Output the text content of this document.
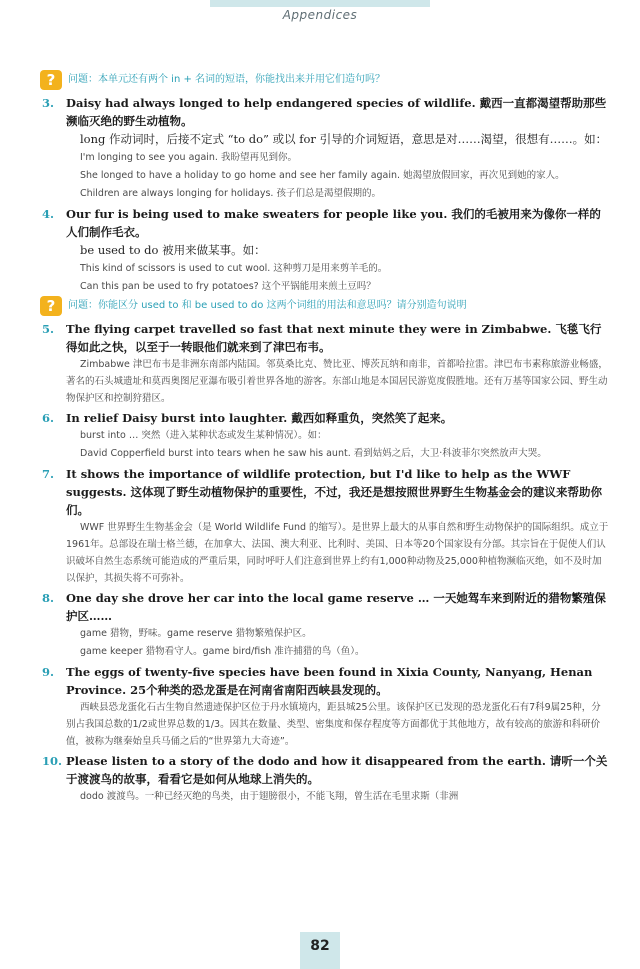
Appendices
?	问题：本单元还有两个 in + 名词的短语，你能找出来并用它们造句吗？
3. Daisy had always longed to help endangered species of wildlife. 戴西一直都渴望帮助那些濒临灭绝的野生动植物。

long 作动词时，后接不定式 “to do” 或以 for 引导的介词短语，意思是对……渴望，很想有……。如：

I'm longing to see you again. 我盼望再见到你。

She longed to have a holiday to go home and see her family again. 她渴望放假回家，再次见到她的家人。

Children are always longing for holidays. 孩子们总是渴望假期的。

4. Our fur is being used to make sweaters for people like you. 我们的毛被用来为像你一样的人们制作毛衣。

be used to do 被用来做某事。如：

This kind of scissors is used to cut wool. 这种剪刀是用来剪羊毛的。

Can this pan be used to fry potatoes? 这个平锅能用来煎土豆吗？

?	问题：你能区分 used to 和 be used to do 这两个词组的用法和意思吗？请分别造句说明
5. The flying carpet travelled so fast that next minute they were in Zimbabwe. 飞毯飞行得如此之快，以至于一转眼他们就来到了津巴布韦。

Zimbabwe 津巴布韦是非洲东南部内陆国。邻莫桑比克、赞比亚、博茨瓦纳和南非，首都哈拉雷。津巴布韦素称旅游业畅盛，著名的石头城遗址和莫西奥图尼亚瀑布吸引着世界各地的游客。东部山地是本国居民游览度假胜地。还有万基等国家公园、野生动物保护区和控制狩猎区。

6. In relief Daisy burst into laughter. 戴西如释重负，突然笑了起来。

burst into … 突然（进入某种状态或发生某种情况）。如：

David Copperfield burst into tears when he saw his aunt. 看到姑妈之后，大卫·科波菲尔突然放声大哭。

7. It shows the importance of wildlife protection, but I'd like to help as the WWF suggests. 这体现了野生动植物保护的重要性，不过，我还是想按照世界野生生物基金会的建议来帮助你们。

WWF 世界野生生物基金会（是 World Wildlife Fund 的缩写）。是世界上最大的从事自然和野生动物保护的国际组织。成立于1961年。总部设在瑞士格兰德，在加拿大、法国、澳大利亚、比利时、美国、日本等20个国家设有分部。其宗旨在于促使人们认识破坏自然生态系统可能造成的严重后果，同时呼吁人们注意到世界上约有1,000种动物及25,000种植物濒临灭绝，如不及时加以保护，其损失将不可弥补。

8. One day she drove her car into the local game reserve … 一天她驾车来到附近的猎物繁殖保护区……

game 猎物，野味。game reserve 猎物繁殖保护区。

game keeper 猎物看守人。game bird/fish 准许捕猎的鸟（鱼）。

9. The eggs of twenty-five species have been found in Xixia County, Nanyang, Henan Province. 25个种类的恐龙蛋是在河南省南阳西峡县发现的。

西峡县恐龙蛋化石古生物自然遗迹保护区位于丹水镇境内，距县城25公里。该保护区已发现的恐龙蛋化石有7科9属25种，分别占我国总数的1/2或世界总数的1/3。因其在数量、类型、密集度和保存程度等方面都优于其他地方，故有较高的旅游和科研价值，被称为继秦始皇兵马俑之后的“世界第九大奇迹”。

10. Please listen to a story of the dodo and how it disappeared from the earth. 请听一个关于渡渡鸟的故事，看看它是如何从地球上消失的。

dodo 渡渡鸟。一种已经灭绝的鸟类，由于翅膀很小，不能飞翔，曾生活在毛里求斯（非洲

82
